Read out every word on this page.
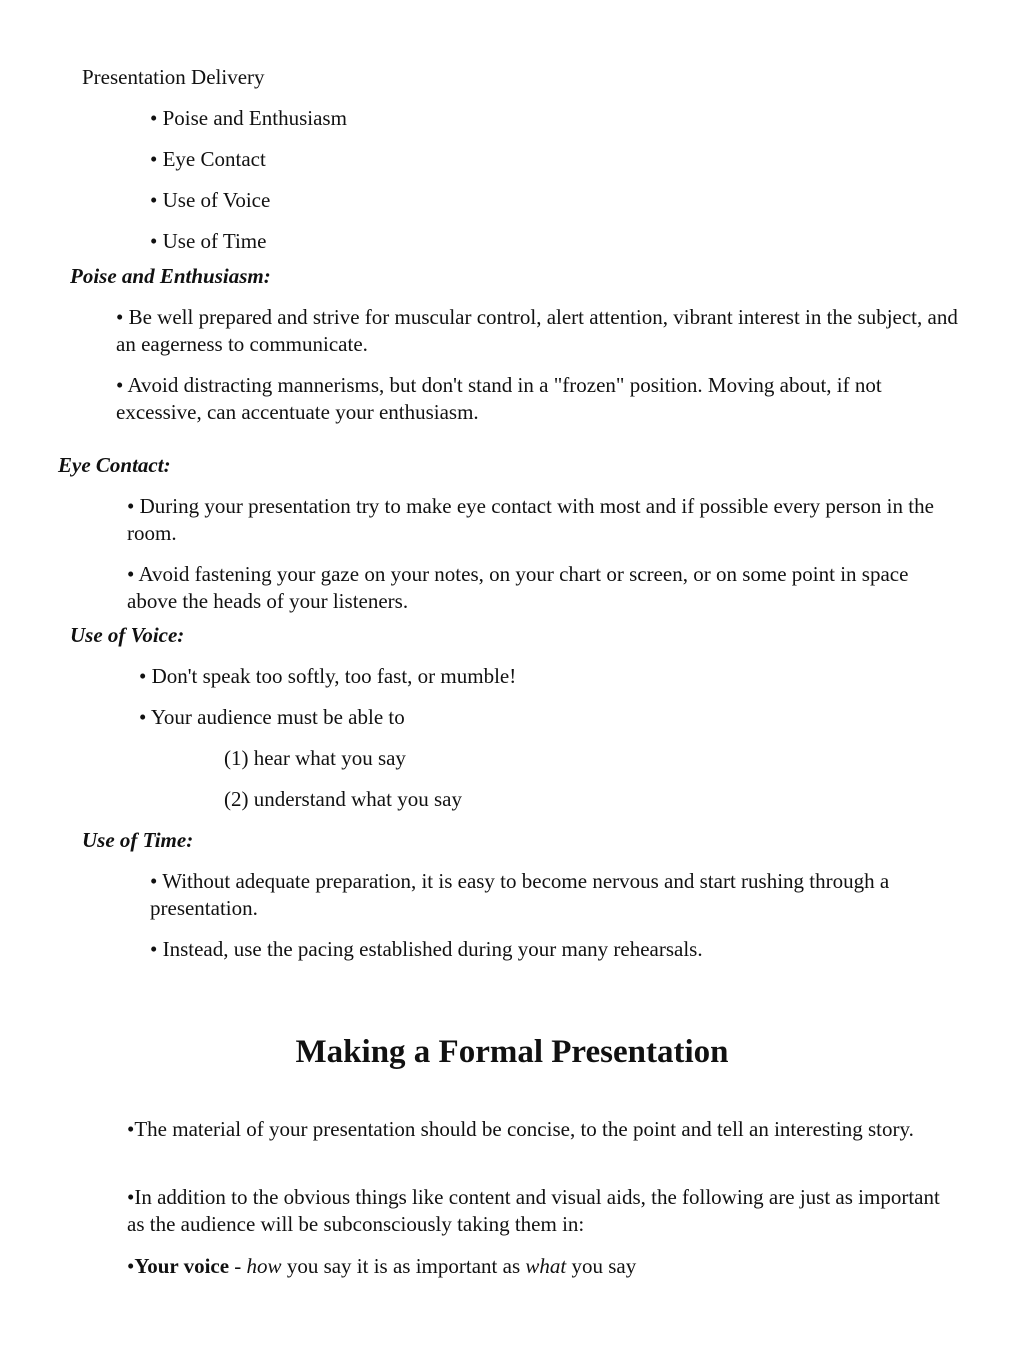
Presentation Delivery

• Poise and Enthusiasm

• Eye Contact

• Use of Voice

• Use of Time

Poise and Enthusiasm:

• Be well prepared and strive for muscular control, alert attention, vibrant interest in the subject, and an eagerness to communicate.

• Avoid distracting mannerisms, but don't stand in a "frozen" position. Moving about, if not excessive, can accentuate your enthusiasm.

Eye Contact:

• During your presentation try to make eye contact with most and if possible every person in the room.

• Avoid fastening your gaze on your notes, on your chart or screen, or on some point in space above the heads of your listeners.

Use of Voice:

• Don't speak too softly, too fast, or mumble!

• Your audience must be able to

(1) hear what you say

(2) understand what you say

Use of Time:

• Without adequate preparation, it is easy to become nervous and start rushing through a presentation.

• Instead, use the pacing established during your many rehearsals.

Making a Formal Presentation

•The material of your presentation should be concise, to the point and tell an interesting story.

•In addition to the obvious things like content and visual aids, the following are just as important as the audience will be subconsciously taking them in:

•Your voice - how you say it is as important as what you say
